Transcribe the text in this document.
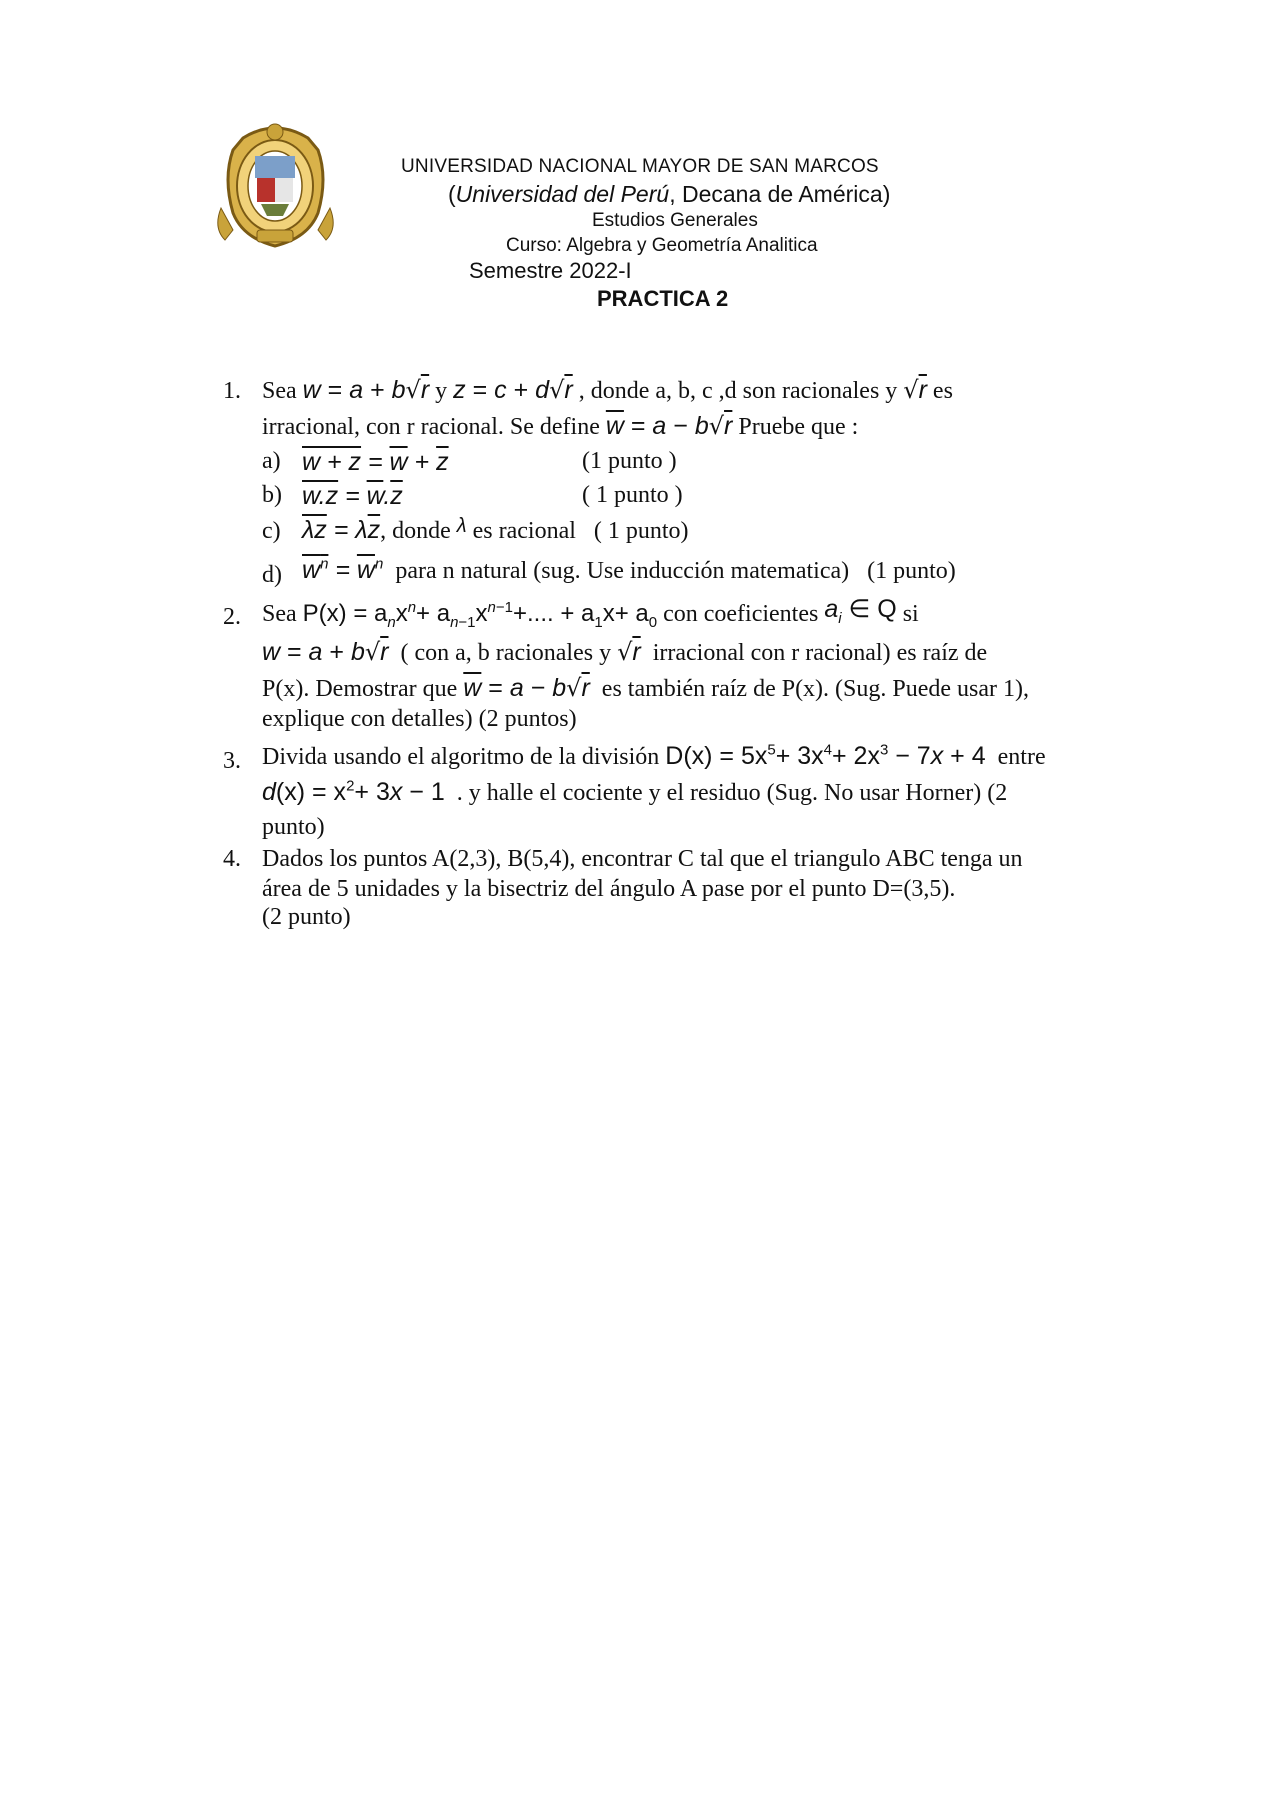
UNIVERSIDAD NACIONAL MAYOR DE SAN MARCOS
(Universidad del Perú, Decana de América)
Estudios Generales
Curso: Algebra y Geometría Analitica
Semestre 2022-I
PRACTICA 2
1. Sea w = a + b√r y z = c + d√r , donde a, b, c ,d son racionales y √r es
irracional, con r racional. Se define $\overline{w} = a - b√r$ Pruebe que :
a) $w + z = \overline{w} + \overline{z}$	(1 punto )
b) $w.z = \overline{w}.\overline{z}$	( 1 punto )
c) $\overline{\lambda z} = \lambda\overline{z}$, donde $^\lambda$ es racional ( 1 punto)
d) $w^n = \overline{w}^n$ para n natural (sug. Use inducción matematica) (1 punto)
2. Sea $P(x) = a_nx^n+ a_{n-1}x^{n-1}+$.... + $a_1x+ a_0$ con coeficientes $a_i$ ∈ Q si
w = a + b√r ( con a, b racionales y √r irracional con r racional) es raíz de
P(x). Demostrar que $\overline{w} = a - b√r$ es también raíz de P(x). (Sug. Puede usar 1),
explique con detalles) (2 puntos)
3. Divida usando el algoritmo de la división $D(x) = 5x^5+ 3x^4+ 2x^3 - 7x + 4$ entre
$d(x) = x^2+ 3x - 1$ . y halle el cociente y el residuo (Sug. No usar Horner) (2
punto)
4. Dados los puntos A(2,3), B(5,4), encontrar C tal que el triangulo ABC tenga un
área de 5 unidades y la bisectriz del ángulo A pase por el punto D=(3,5).
(2 punto)
